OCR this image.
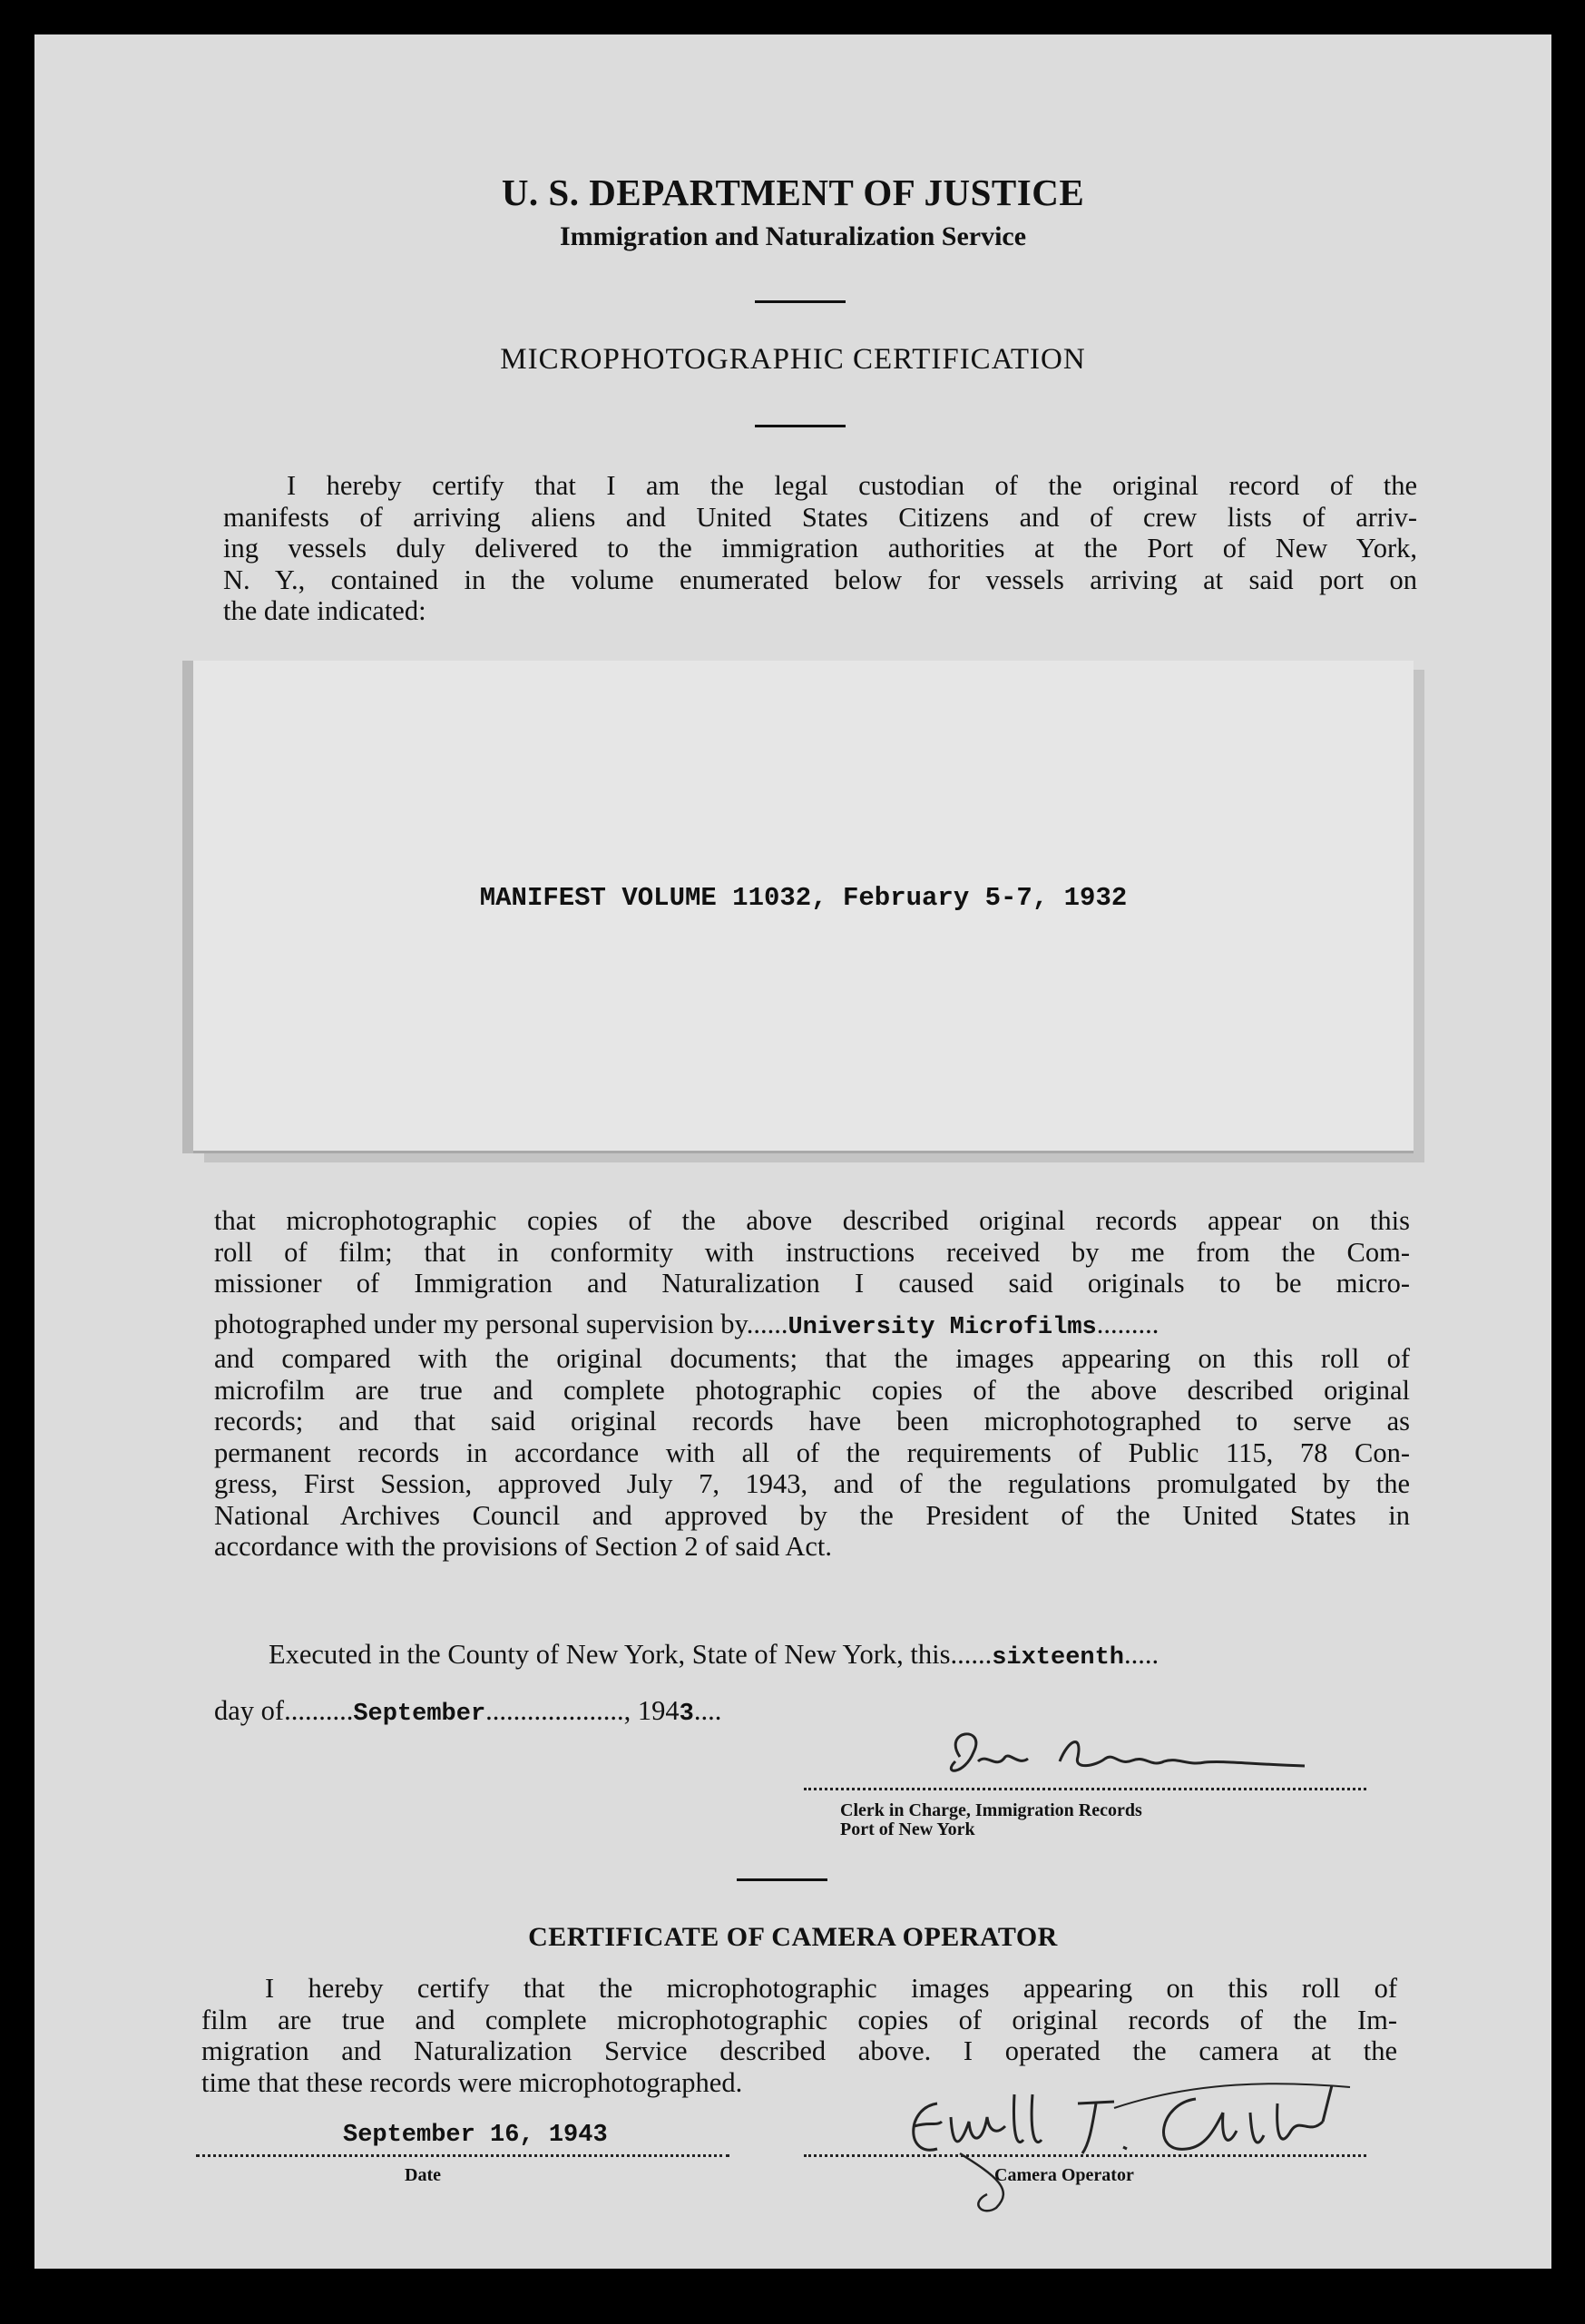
U. S. DEPARTMENT OF JUSTICE
Immigration and Naturalization Service
MICROPHOTOGRAPHIC CERTIFICATION
I hereby certify that I am the legal custodian of the original record of the
manifests of arriving aliens and United States Citizens and of crew lists of arriv-
ing vessels duly delivered to the immigration authorities at the Port of New York,
N. Y., contained in the volume enumerated below for vessels arriving at said port on
the date indicated:
MANIFEST VOLUME 11032, February 5-7, 1932
that microphotographic copies of the above described original records appear on this
roll of film; that in conformity with instructions received by me from the Com-
missioner of Immigration and Naturalization I caused said originals to be micro-
photographed under my personal supervision by......University Microfilms.........
and compared with the original documents; that the images appearing on this roll of
microfilm are true and complete photographic copies of the above described original
records; and that said original records have been microphotographed to serve as
permanent records in accordance with all of the requirements of Public 115, 78 Con-
gress, First Session, approved July 7, 1943, and of the regulations promulgated by the
National Archives Council and approved by the President of the United States in
accordance with the provisions of Section 2 of said Act.
Executed in the County of New York, State of New York, this......sixteenth.....
day of..........September...................., 1943....
Clerk in Charge, Immigration Records
Port of New York
CERTIFICATE OF CAMERA OPERATOR
I hereby certify that the microphotographic images appearing on this roll of
film are true and complete microphotographic copies of original records of the Im-
migration and Naturalization Service described above. I operated the camera at the
time that these records were microphotographed.
September 16, 1943
Date	Camera Operator
